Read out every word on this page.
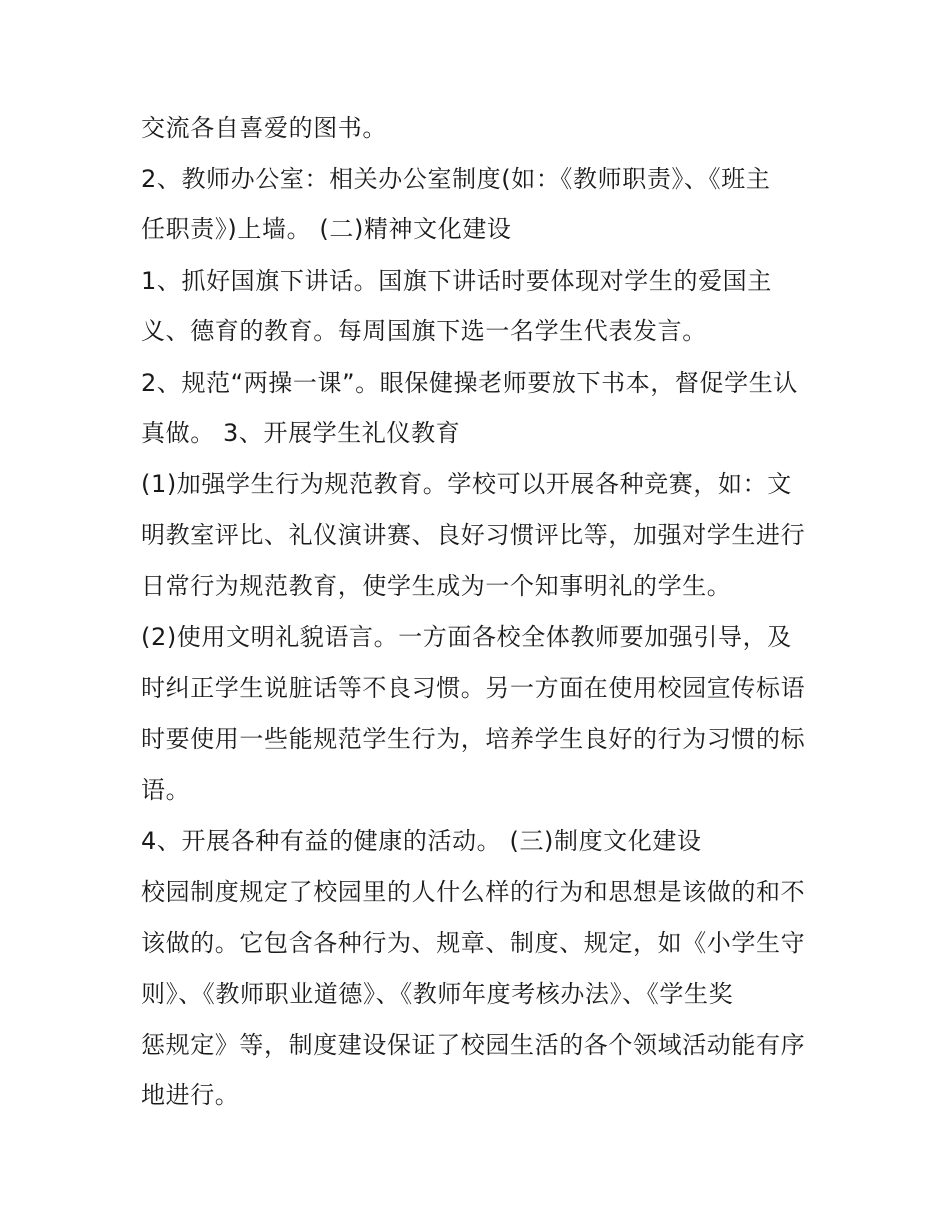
交流各自喜爱的图书。
2、教师办公室：相关办公室制度(如：《教师职责》、《班主
任职责》)上墙。 (二)精神文化建设
1、抓好国旗下讲话。国旗下讲话时要体现对学生的爱国主
义、德育的教育。每周国旗下选一名学生代表发言。
2、规范“两操一课”。眼保健操老师要放下书本，督促学生认
真做。 3、开展学生礼仪教育
(1)加强学生行为规范教育。学校可以开展各种竞赛，如：文
明教室评比、礼仪演讲赛、良好习惯评比等，加强对学生进行
日常行为规范教育，使学生成为一个知事明礼的学生。
(2)使用文明礼貌语言。一方面各校全体教师要加强引导，及
时纠正学生说脏话等不良习惯。另一方面在使用校园宣传标语
时要使用一些能规范学生行为，培养学生良好的行为习惯的标
语。
4、开展各种有益的健康的活动。 (三)制度文化建设
校园制度规定了校园里的人什么样的行为和思想是该做的和不
该做的。它包含各种行为、规章、制度、规定，如《小学生守
则》、《教师职业道德》、《教师年度考核办法》、《学生奖
惩规定》等，制度建设保证了校园生活的各个领域活动能有序
地进行。
